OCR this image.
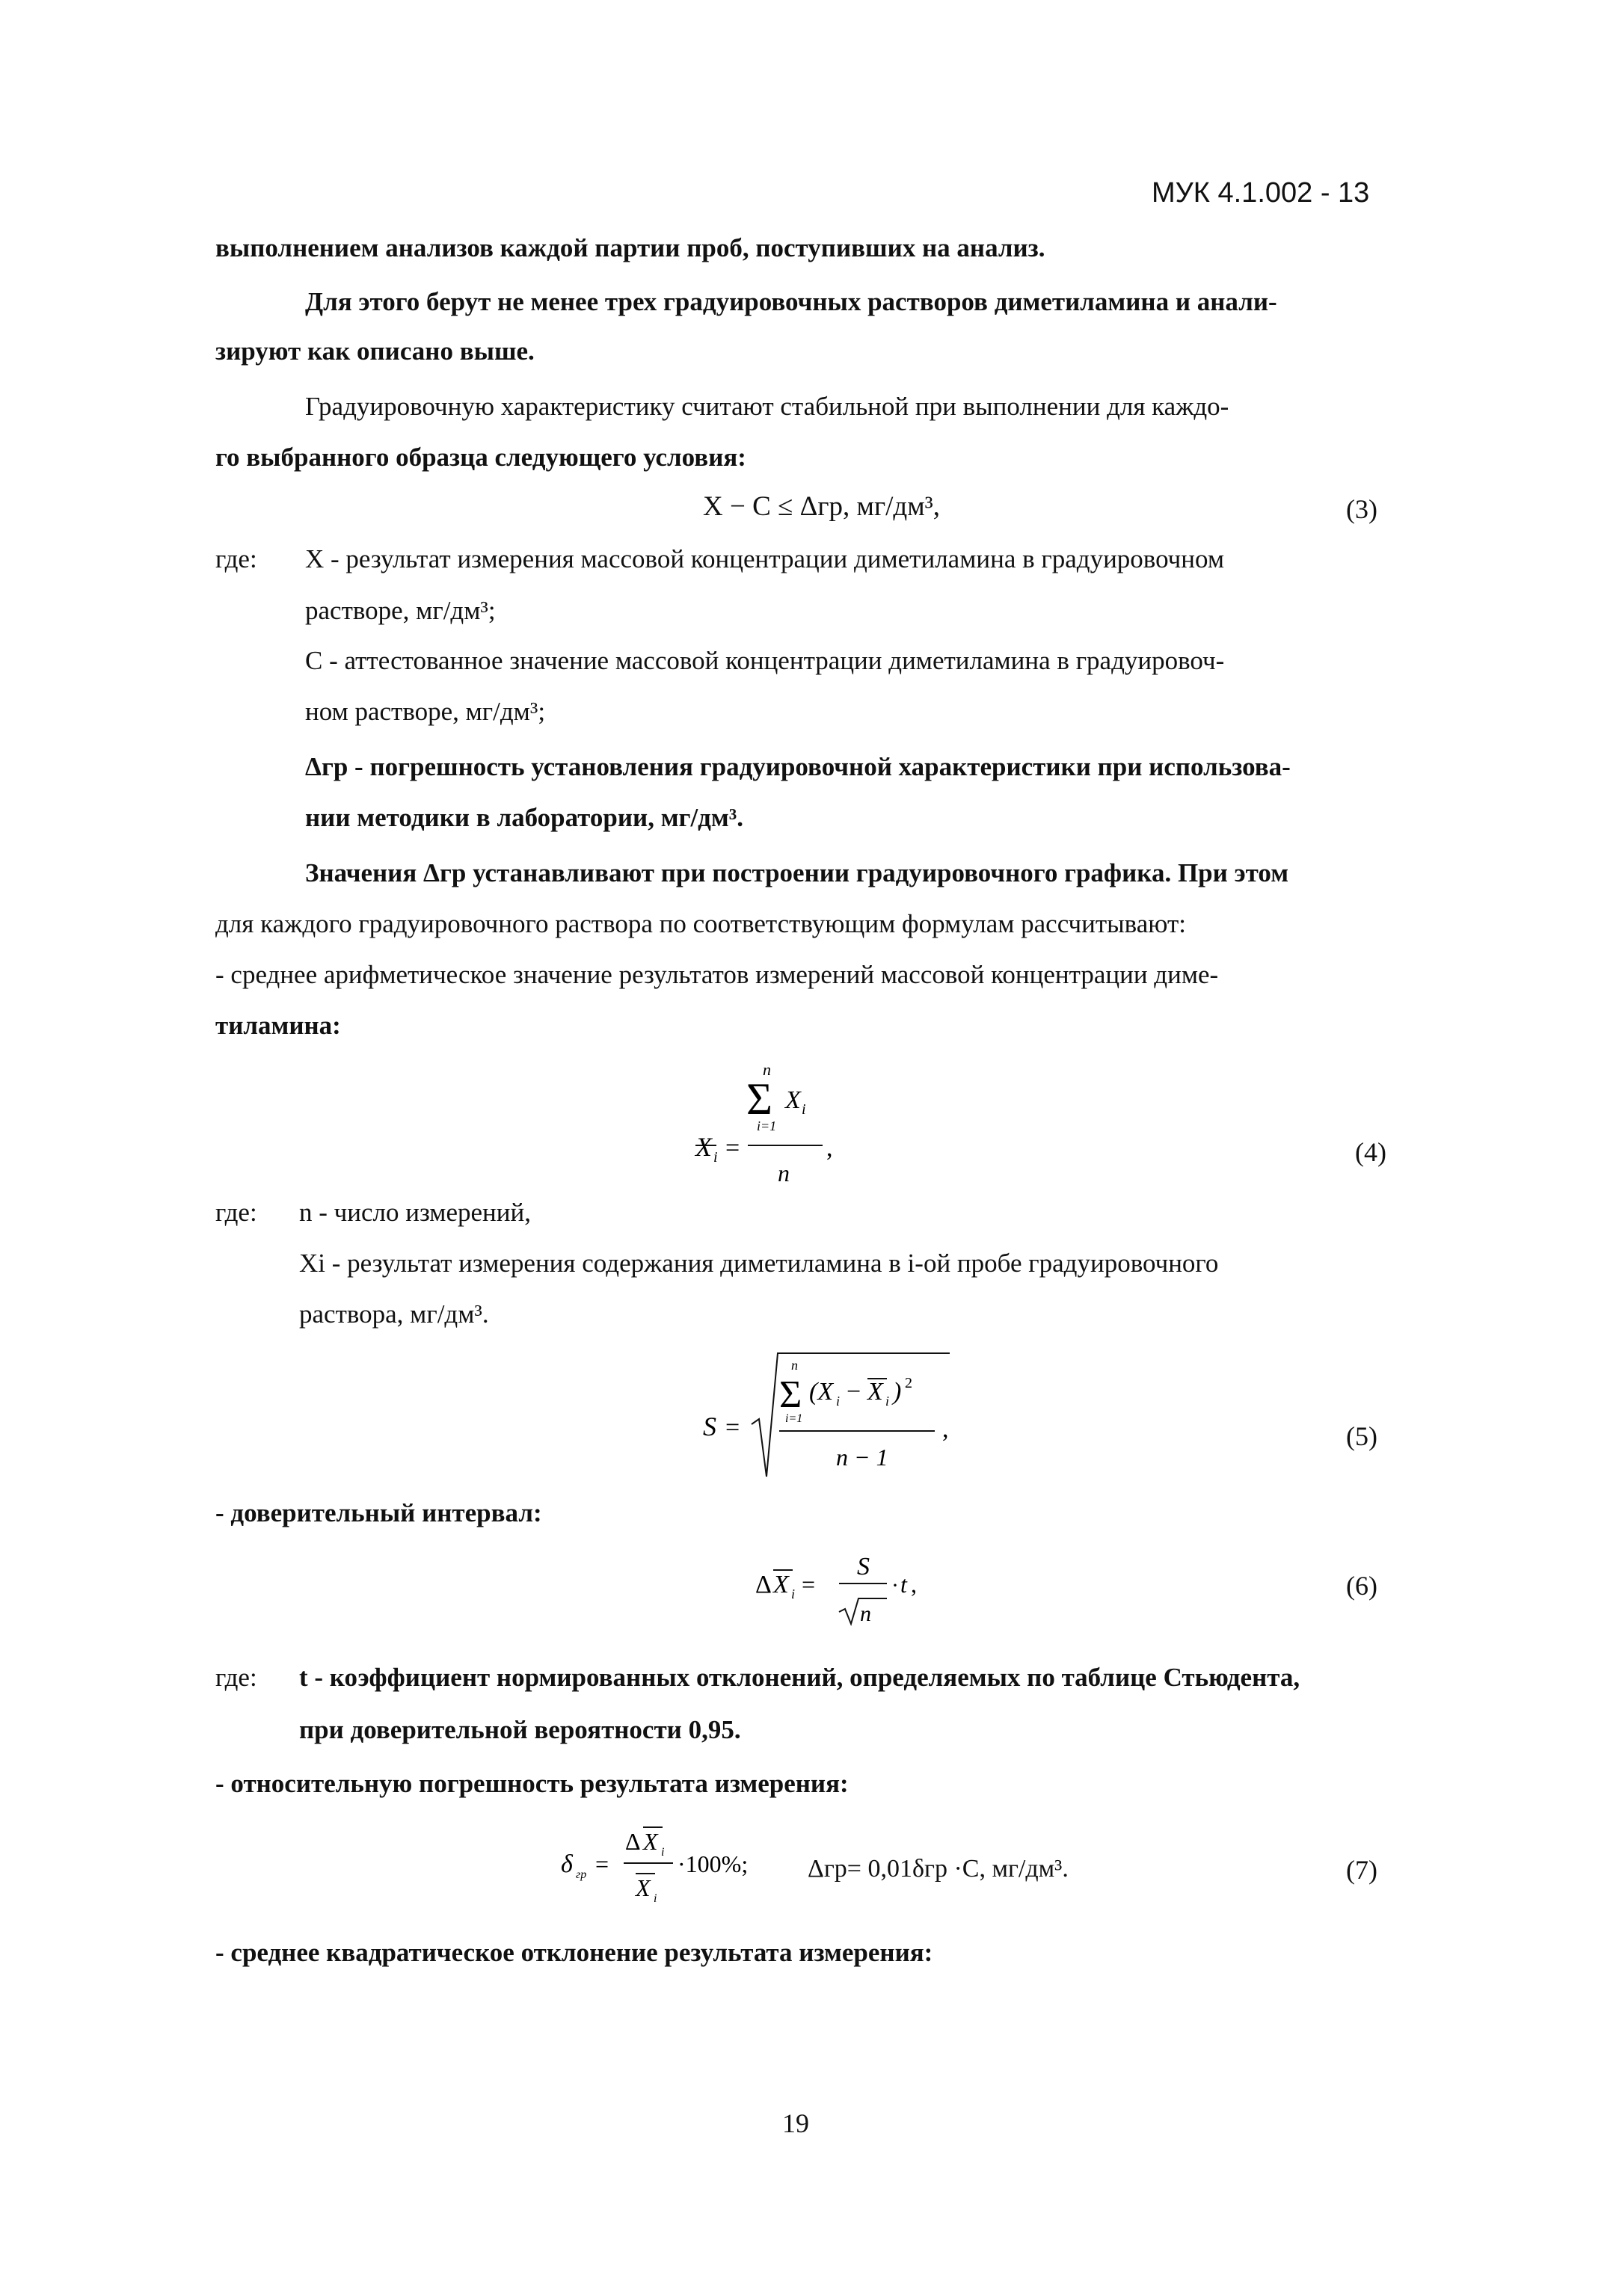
МУК 4.1.002 - 13
выполнением анализов каждой партии проб, поступивших на анализ.
Для этого берут не менее трех градуировочных растворов диметиламина и анали-
зируют как описано выше.
Градуировочную характеристику считают стабильной при выполнении для каждо-
го выбранного образца следующего условия:
X − C ≤ Δгр, мг/дм³,	(3)
где: X - результат измерения массовой концентрации диметиламина в градуировочном
растворе, мг/дм³;
C - аттестованное значение массовой концентрации диметиламина в градуировоч-
ном растворе, мг/дм³;
Δгр - погрешность установления градуировочной характеристики при использова-
нии методики в лаборатории, мг/дм³.
Значения Δгр устанавливают при построении градуировочного графика. При этом
для каждого градуировочного раствора по соответствующим формулам рассчитывают:
- среднее арифметическое значение результатов измерений массовой концентрации диме-
тиламина:
n
Σ X i
i=1
X i =	,
n
(4)
где: n - число измерений,
Xi - результат измерения содержания диметиламина в i-ой пробе градуировочного
раствора, мг/дм³.
S =
n
Σ (X i − X i ) 2
i=1	,
n − 1
(5)
- доверительный интервал:
Δ X i =
S
n
· t ,	(6)
где: t - коэффициент нормированных отклонений, определяемых по таблице Стьюдента,
при доверительной вероятности 0,95.
- относительную погрешность результата измерения:
δ гр =
Δ X i
X i
·100%; Δгр= 0,01δгр ·C, мг/дм³.	(7)
- среднее квадратическое отклонение результата измерения:
19
